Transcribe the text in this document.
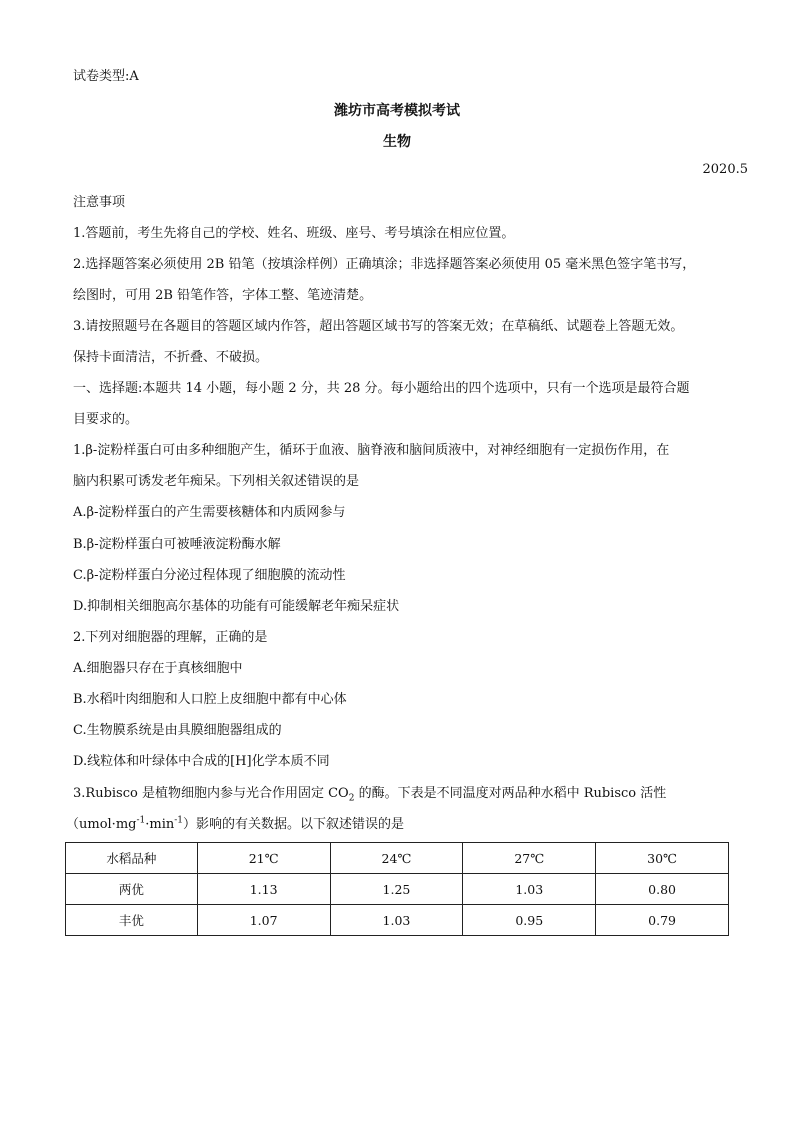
试卷类型:A
潍坊市高考模拟考试
生物
2020.5
注意事项
1.答题前，考生先将自己的学校、姓名、班级、座号、考号填涂在相应位置。
2.选择题答案必须使用 2B 铅笔（按填涂样例）正确填涂；非选择题答案必须使用 05 毫米黑色签字笔书写，
绘图时，可用 2B 铅笔作答，字体工整、笔迹清楚。
3.请按照题号在各题目的答题区域内作答，超出答题区域书写的答案无效；在草稿纸、试题卷上答题无效。
保持卡面清洁，不折叠、不破损。
一、选择题:本题共 14 小题，每小题 2 分，共 28 分。每小题给出的四个选项中，只有一个选项是最符合题
目要求的。
1.β-淀粉样蛋白可由多种细胞产生，循环于血液、脑脊液和脑间质液中，对神经细胞有一定损伤作用，在
脑内积累可诱发老年痴呆。下列相关叙述错误的是
A.β-淀粉样蛋白的产生需要核糖体和内质网参与
B.β-淀粉样蛋白可被唾液淀粉酶水解
C.β-淀粉样蛋白分泌过程体现了细胞膜的流动性
D.抑制相关细胞高尔基体的功能有可能缓解老年痴呆症状
2.下列对细胞器的理解，正确的是
A.细胞器只存在于真核细胞中
B.水稻叶肉细胞和人口腔上皮细胞中都有中心体
C.生物膜系统是由具膜细胞器组成的
D.线粒体和叶绿体中合成的[H]化学本质不同
3.Rubisco 是植物细胞内参与光合作用固定 $CO_2$ 的酶。下表是不同温度对两品种水稻中 Rubisco 活性
$(umol\cdot mg^{-1}\cdot\min^{-1})$影响的有关数据。以下叙述错误的是
水稻品种	21℃	24℃	27℃	30℃
两优	1.13	1.25	1.03	0.80
丰优	1.07	1.03	0.95	0.79
